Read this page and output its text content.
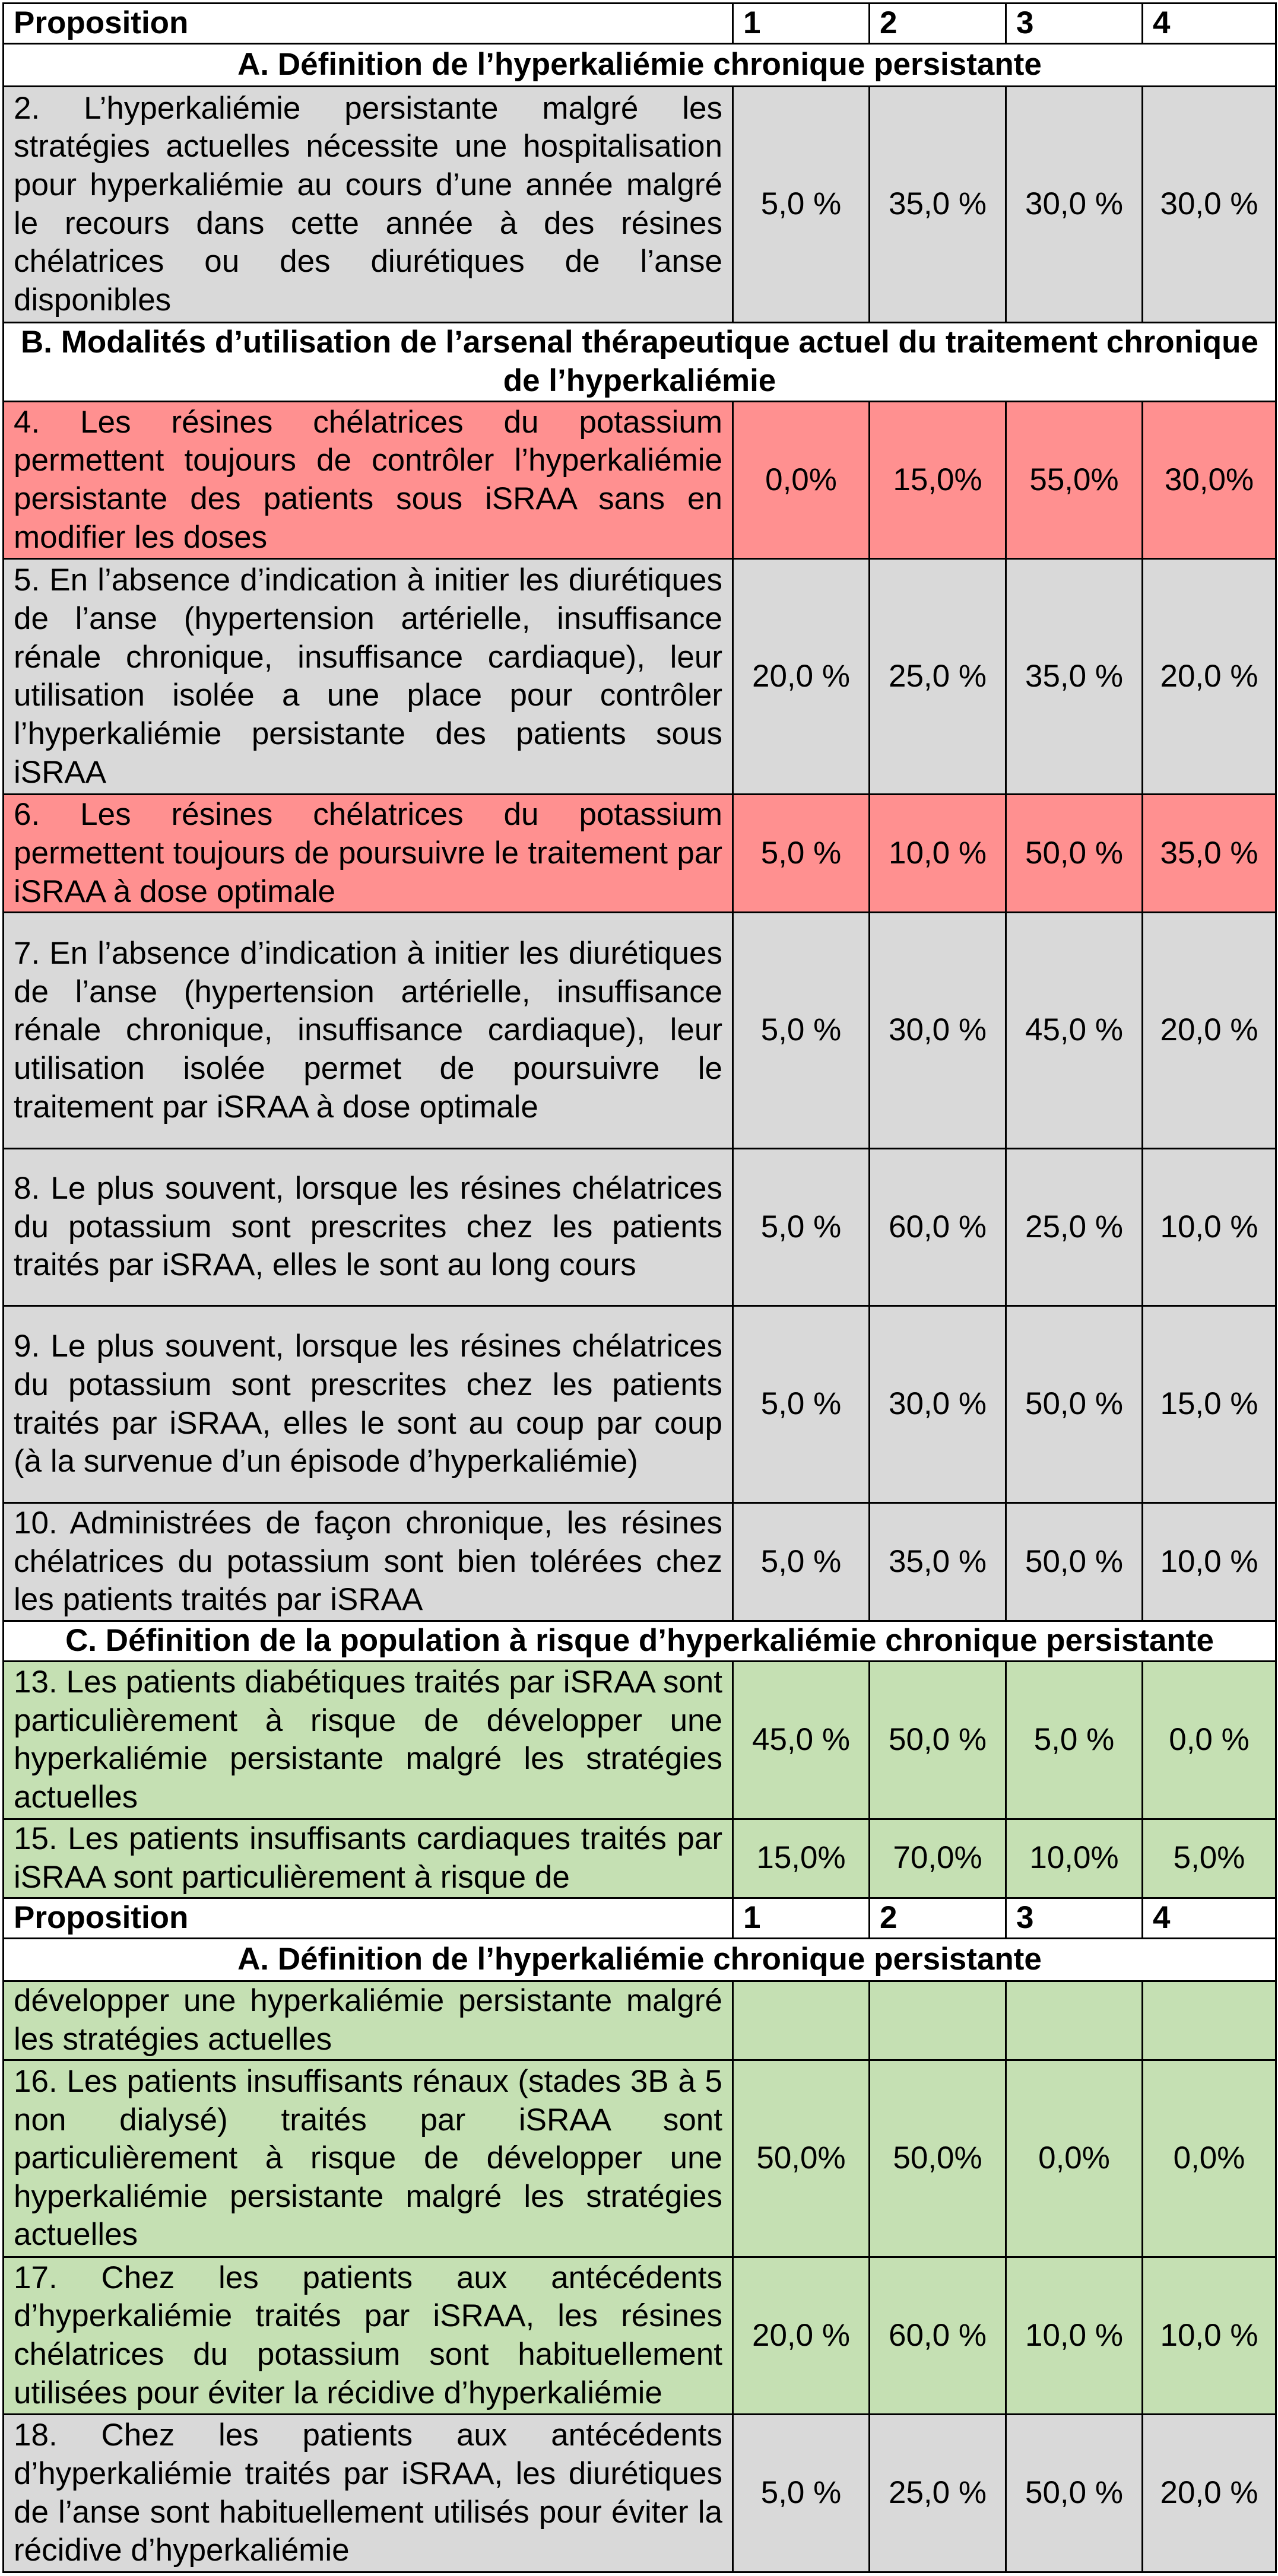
Proposition	1	2	3	4
A. Définition de l’hyperkaliémie chronique persistante				
2. L’hyperkaliémie persistante malgré les stratégies actuelles nécessite une hospitalisation pour hyperkaliémie au cours d’une année malgré le recours dans cette année à des résines chélatrices ou des diurétiques de l’anse disponibles	5,0 %	35,0 %	30,0 %	30,0 %
B. Modalités d’utilisation de l’arsenal thérapeutique actuel du traitement chronique de l’hyperkaliémie				
4. Les résines chélatrices du potassium permettent toujours de contrôler l’hyperkaliémie persistante des patients sous iSRAA sans en modifier les doses	0,0%	15,0%	55,0%	30,0%
5. En l’absence d’indication à initier les diurétiques de l’anse (hypertension artérielle, insuffisance rénale chronique, insuffisance cardiaque), leur utilisation isolée a une place pour contrôler l’hyperkaliémie persistante des patients sous iSRAA	20,0 %	25,0 %	35,0 %	20,0 %
6. Les résines chélatrices du potassium permettent toujours de poursuivre le traitement par iSRAA à dose optimale	5,0 %	10,0 %	50,0 %	35,0 %
7. En l’absence d’indication à initier les diurétiques de l’anse (hypertension artérielle, insuffisance rénale chronique, insuffisance cardiaque), leur utilisation isolée permet de poursuivre le traitement par iSRAA à dose optimale	5,0 %	30,0 %	45,0 %	20,0 %
8. Le plus souvent, lorsque les résines chélatrices du potassium sont prescrites chez les patients traités par iSRAA, elles le sont au long cours	5,0 %	60,0 %	25,0 %	10,0 %
9. Le plus souvent, lorsque les résines chélatrices du potassium sont prescrites chez les patients traités par iSRAA, elles le sont au coup par coup (à la survenue d’un épisode d’hyperkaliémie)	5,0 %	30,0 %	50,0 %	15,0 %
10. Administrées de façon chronique, les résines chélatrices du potassium sont bien tolérées chez les patients traités par iSRAA	5,0 %	35,0 %	50,0 %	10,0 %
C. Définition de la population à risque d’hyperkaliémie chronique persistante				
13. Les patients diabétiques traités par iSRAA sont particulièrement à risque de développer une hyperkaliémie persistante malgré les stratégies actuelles	45,0 %	50,0 %	5,0 %	0,0 %
15. Les patients insuffisants cardiaques traités par iSRAA sont particulièrement à risque de	15,0%	70,0%	10,0%	5,0%
Proposition	1	2	3	4
A. Définition de l’hyperkaliémie chronique persistante				
développer une hyperkaliémie persistante malgré les stratégies actuelles				
16. Les patients insuffisants rénaux (stades 3B à 5 non dialysé) traités par iSRAA sont particulièrement à risque de développer une hyperkaliémie persistante malgré les stratégies actuelles	50,0%	50,0%	0,0%	0,0%
17. Chez les patients aux antécédents d’hyperkaliémie traités par iSRAA, les résines chélatrices du potassium sont habituellement utilisées pour éviter la récidive d’hyperkaliémie	20,0 %	60,0 %	10,0 %	10,0 %
18. Chez les patients aux antécédents d’hyperkaliémie traités par iSRAA, les diurétiques de l’anse sont habituellement utilisés pour éviter la récidive d’hyperkaliémie	5,0 %	25,0 %	50,0 %	20,0 %
